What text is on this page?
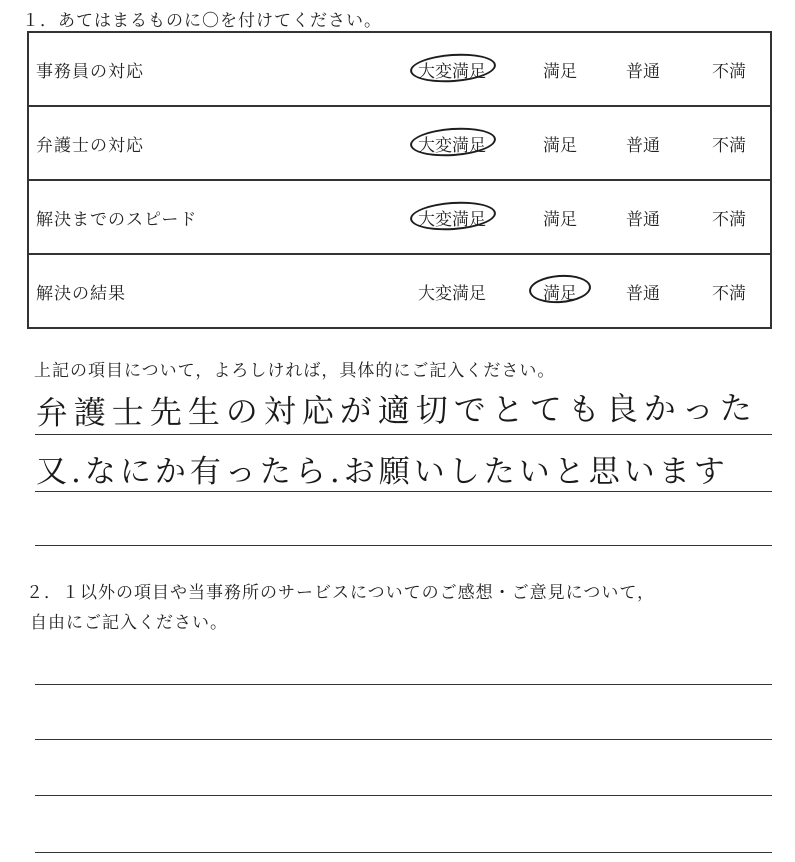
１．あてはまるものに〇を付けてください。
事務員の対応	大変満足	満足	普通	不満
弁護士の対応	大変満足	満足	普通	不満
解決までのスピード	大変満足	満足	普通	不満
解決の結果	大変満足	満足	普通	不満
上記の項目について，よろしければ，具体的にご記入ください。
弁護士先生の対応が適切でとても良かった
又.なにか有ったら.お願いしたいと思います
２．１以外の項目や当事務所のサービスについてのご感想・ご意見について，
自由にご記入ください。
